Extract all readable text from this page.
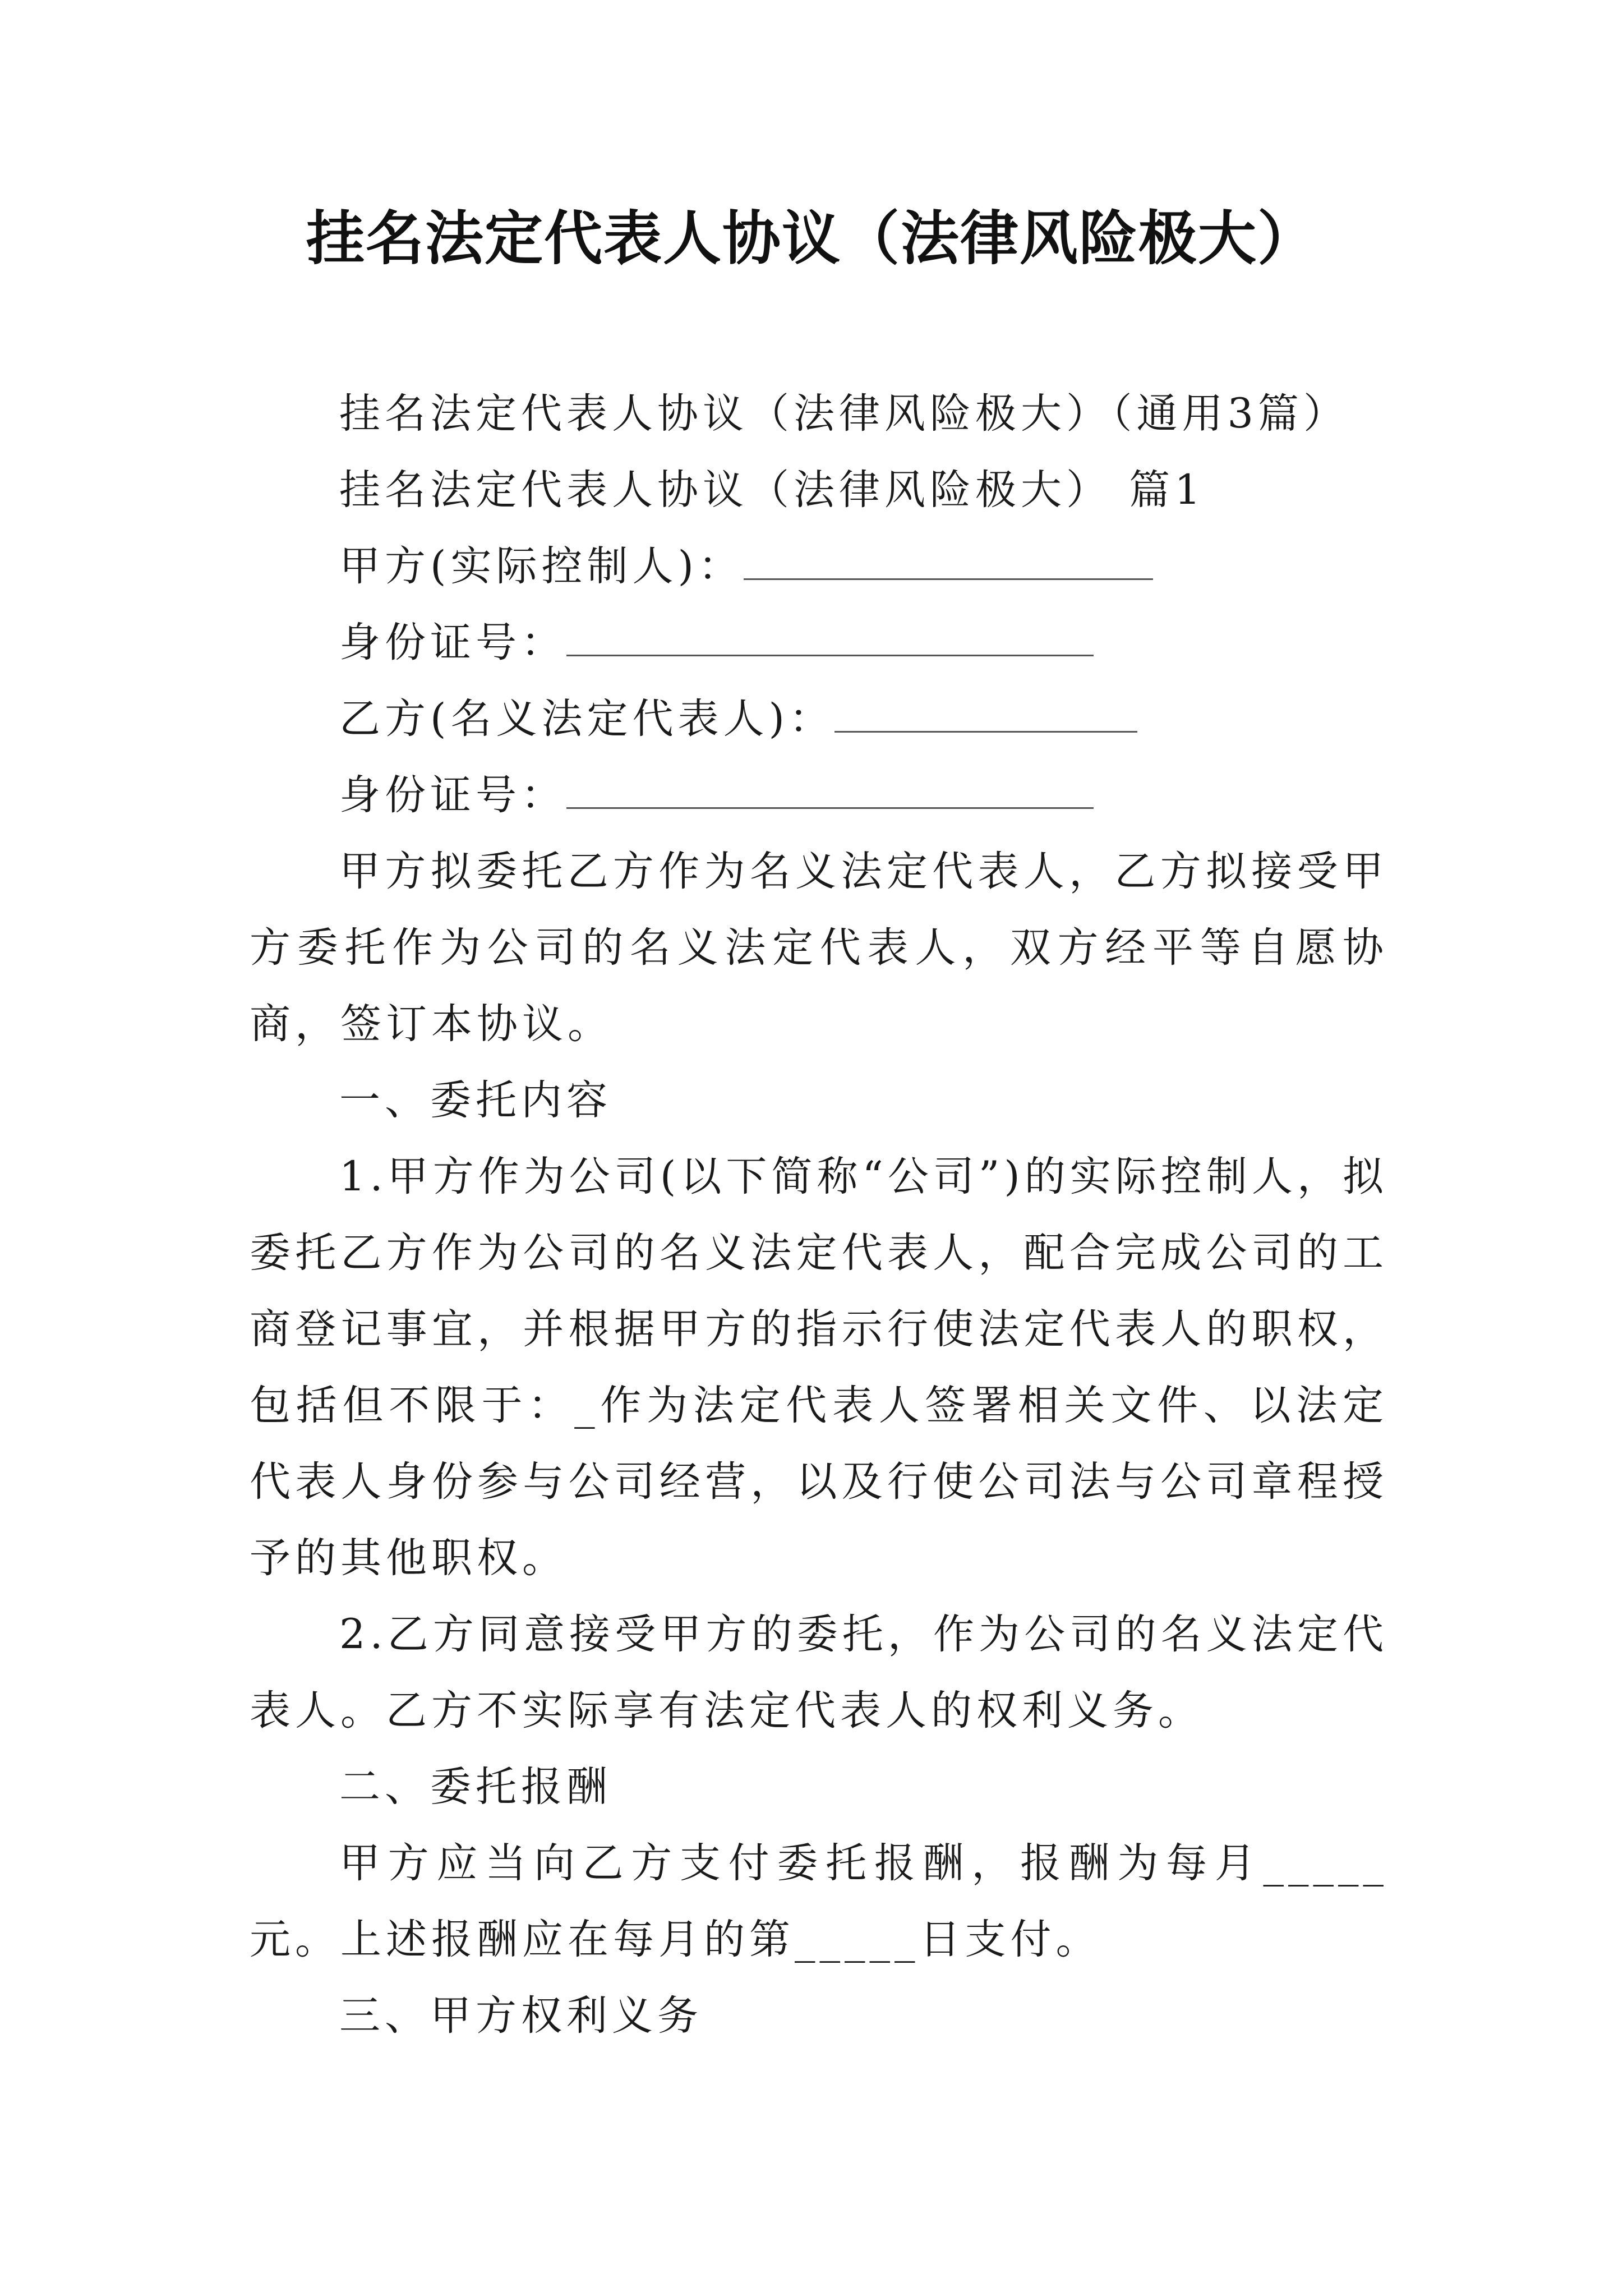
挂名法定代表人协议（法律风险极大）

挂名法定代表人协议（法律风险极大）（通用3篇）

挂名法定代表人协议（法律风险极大） 篇1

甲方(实际控制人)：

身份证号：

乙方(名义法定代表人)：

身份证号：

甲方拟委托乙方作为名义法定代表人，乙方拟接受甲方委托作为公司的名义法定代表人，双方经平等自愿协商，签订本协议。

一、委托内容

1.甲方作为公司(以下简称“公司”)的实际控制人，拟委托乙方作为公司的名义法定代表人，配合完成公司的工商登记事宜，并根据甲方的指示行使法定代表人的职权，包括但不限于：_作为法定代表人签署相关文件、以法定代表人身份参与公司经营，以及行使公司法与公司章程授予的其他职权。

2.乙方同意接受甲方的委托，作为公司的名义法定代表人。乙方不实际享有法定代表人的权利义务。

二、委托报酬

甲方应当向乙方支付委托报酬，报酬为每月_____元。上述报酬应在每月的第_____日支付。

三、甲方权利义务
